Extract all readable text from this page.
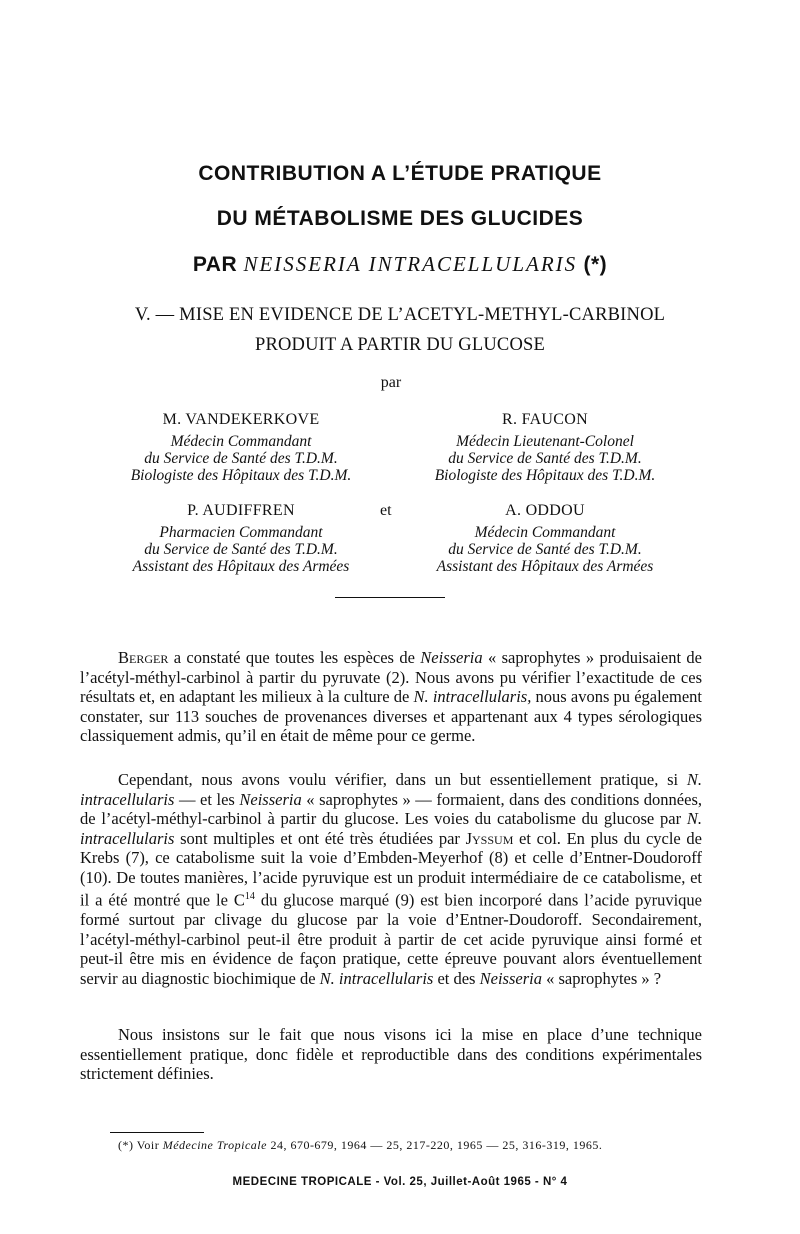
CONTRIBUTION A L’ÉTUDE PRATIQUE
DU MÉTABOLISME DES GLUCIDES
PAR NEISSERIA INTRACELLULARIS (*)
V. — MISE EN EVIDENCE DE L’ACETYL-METHYL-CARBINOL
PRODUIT A PARTIR DU GLUCOSE
par
M. VANDEKERKOVE
Médecin Commandant
du Service de Santé des T.D.M.
Biologiste des Hôpitaux des T.D.M.
R. FAUCON
Médecin Lieutenant-Colonel
du Service de Santé des T.D.M.
Biologiste des Hôpitaux des T.D.M.
P. AUDIFFREN
Pharmacien Commandant
du Service de Santé des T.D.M.
Assistant des Hôpitaux des Armées
et	A. ODDOU
Médecin Commandant
du Service de Santé des T.D.M.
Assistant des Hôpitaux des Armées

Berger a constaté que toutes les espèces de Neisseria « saprophytes » produisaient de l’acétyl-méthyl-carbinol à partir du pyruvate (2). Nous avons pu vérifier l’exactitude de ces résultats et, en adaptant les milieux à la culture de N. intracellularis, nous avons pu également constater, sur 113 souches de provenances diverses et appartenant aux 4 types sérologiques classiquement admis, qu’il en était de même pour ce germe.

Cependant, nous avons voulu vérifier, dans un but essentiellement pratique, si N. intracellularis — et les Neisseria « saprophytes » — formaient, dans des conditions données, de l’acétyl-méthyl-carbinol à partir du glucose. Les voies du catabolisme du glucose par N. intracellularis sont multiples et ont été très étudiées par Jyssum et col. En plus du cycle de Krebs (7), ce catabolisme suit la voie d’Embden-Meyerhof (8) et celle d’Entner-Doudoroff (10). De toutes manières, l’acide pyruvique est un produit intermédiaire de ce catabolisme, et il a été montré que le $C^{14}$ du glucose marqué (9) est bien incorporé dans l’acide pyruvique formé surtout par clivage du glucose par la voie d’Entner-Doudoroff. Secondairement, l’acétyl-méthyl-carbinol peut-il être produit à partir de cet acide pyruvique ainsi formé et peut-il être mis en évidence de façon pratique, cette épreuve pouvant alors éventuellement servir au diagnostic biochimique de N. intracellularis et des Neisseria « saprophytes » ?

Nous insistons sur le fait que nous visons ici la mise en place d’une technique essentiellement pratique, donc fidèle et reproductible dans des conditions expérimentales strictement définies.

(*) Voir Médecine Tropicale 24, 670-679, 1964 — 25, 217-220, 1965 — 25, 316-319, 1965.
MEDECINE TROPICALE - Vol. 25, Juillet-Août 1965 - N° 4
